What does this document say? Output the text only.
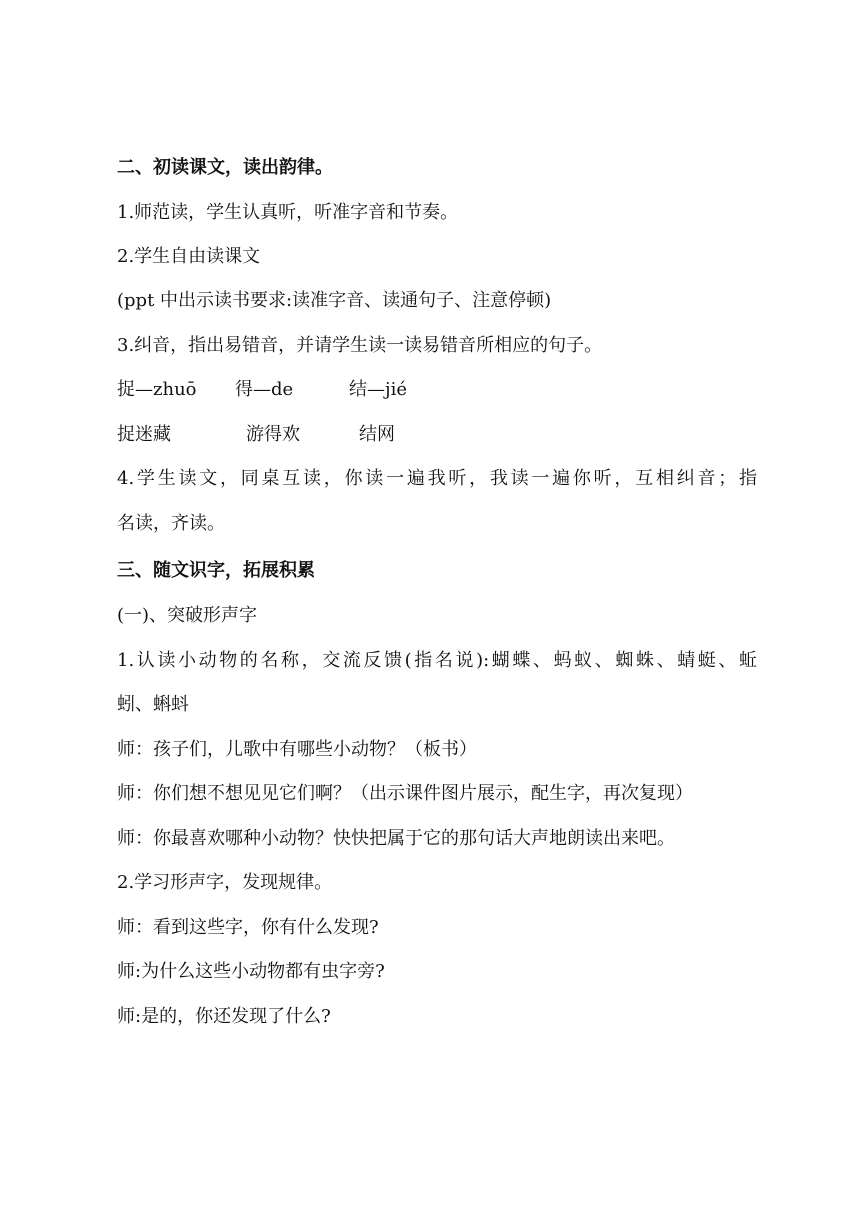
二、初读课文，读出韵律。
1.师范读，学生认真听，听准字音和节奏。
2.学生自由读课文
(ppt 中出示读书要求:读准字音、读通句子、注意停顿)
3.纠音，指出易错音，并请学生读一读易错音所相应的句子。
捉—zhuō 得—de	结—jié
捉迷藏	游得欢	结网
4.学生读文，同桌互读，你读一遍我听，我读一遍你听，互相纠音；指
名读，齐读。
三、随文识字，拓展积累
(一)、突破形声字
1.认读小动物的名称，交流反馈(指名说):蝴蝶、蚂蚁、蜘蛛、蜻蜓、蚯
蚓、蝌蚪
师：孩子们，儿歌中有哪些小动物？（板书）
师：你们想不想见见它们啊？（出示课件图片展示，配生字，再次复现）
师：你最喜欢哪种小动物？快快把属于它的那句话大声地朗读出来吧。
2.学习形声字，发现规律。
师：看到这些字，你有什么发现?
师:为什么这些小动物都有虫字旁?
师:是的，你还发现了什么?
